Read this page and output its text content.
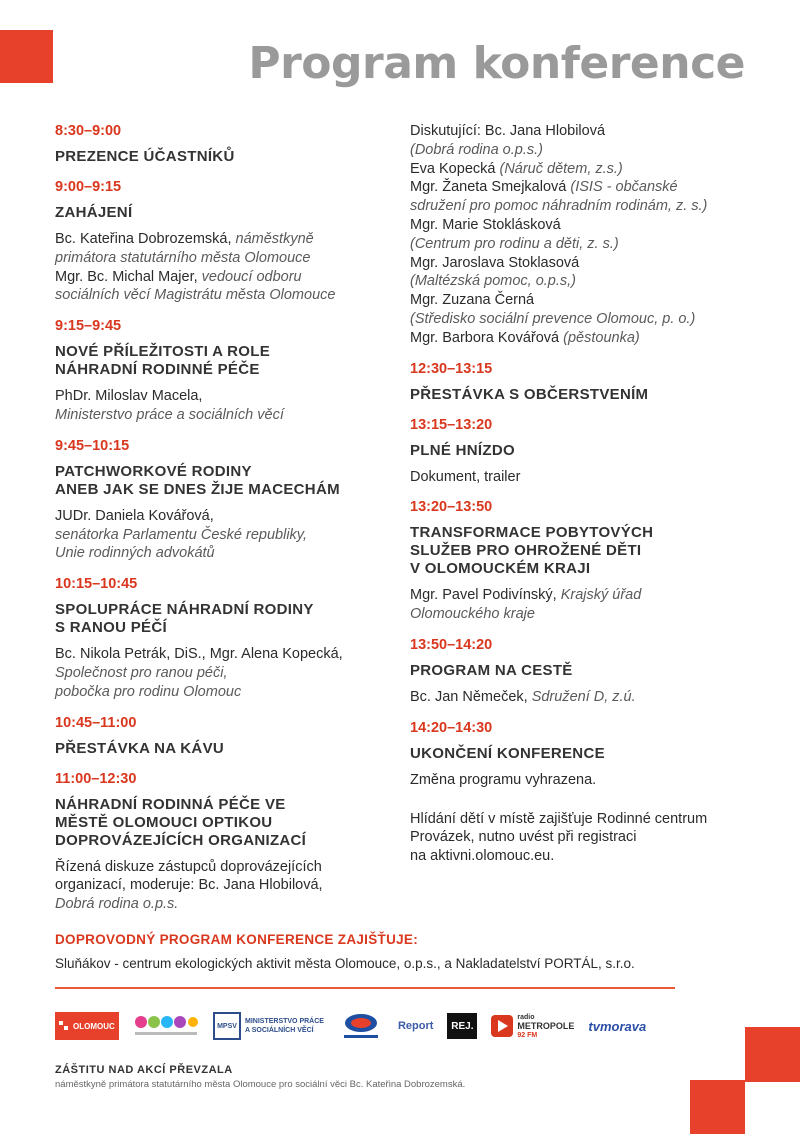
Program konference

8:30–9:00

PREZENCE ÚČASTNÍKŮ

9:00–9:15

ZAHÁJENÍ

Bc. Kateřina Dobrozemská, náměstkyně

primátora statutárního města Olomouce

Mgr. Bc. Michal Majer, vedoucí odboru

sociálních věcí Magistrátu města Olomouce

9:15–9:45

NOVÉ PŘÍLEŽITOSTI A ROLE

NÁHRADNÍ RODINNÉ PÉČE

PhDr. Miloslav Macela,

Ministerstvo práce a sociálních věcí

9:45–10:15

PATCHWORKOVÉ RODINY

ANEB JAK SE DNES ŽIJE MACECHÁM

JUDr. Daniela Kovářová,

senátorka Parlamentu České republiky,

Unie rodinných advokátů

10:15–10:45

SPOLUPRÁCE NÁHRADNÍ RODINY

S RANOU PÉČÍ

Bc. Nikola Petrák, DiS., Mgr. Alena Kopecká,

Společnost pro ranou péči,

pobočka pro rodinu Olomouc

10:45–11:00

PŘESTÁVKA NA KÁVU

11:00–12:30

NÁHRADNÍ RODINNÁ PÉČE VE

MĚSTĚ OLOMOUCI OPTIKOU

DOPROVÁZEJÍCÍCH ORGANIZACÍ

Řízená diskuze zástupců doprovázejících

organizací, moderuje: Bc. Jana Hlobilová,

Dobrá rodina o.p.s.

Diskutující: Bc. Jana Hlobilová

(Dobrá rodina o.p.s.)

Eva Kopecká (Náruč dětem, z.s.)

Mgr. Žaneta Smejkalová (ISIS - občanské

sdružení pro pomoc náhradním rodinám, z. s.)

Mgr. Marie Stoklásková

(Centrum pro rodinu a děti, z. s.)

Mgr. Jaroslava Stoklasová

(Maltézská pomoc, o.p.s,)

Mgr. Zuzana Černá

(Středisko sociální prevence Olomouc, p. o.)

Mgr. Barbora Kovářová (pěstounka)

12:30–13:15

PŘESTÁVKA S OBČERSTVENÍM

13:15–13:20

PLNÉ HNÍZDO

Dokument, trailer

13:20–13:50

TRANSFORMACE POBYTOVÝCH

SLUŽEB PRO OHROŽENÉ DĚTI

V OLOMOUCKÉM KRAJI

Mgr. Pavel Podivínský, Krajský úřad

Olomouckého kraje

13:50–14:20

PROGRAM NA CESTĚ

Bc. Jan Němeček, Sdružení D, z.ú.

14:20–14:30

UKONČENÍ KONFERENCE

Změna programu vyhrazena.

Hlídání dětí v místě zajišťuje Rodinné centrum

Provázek, nutno uvést při registraci

na aktivni.olomouc.eu.

DOPROVODNÝ PROGRAM KONFERENCE ZAJIŠŤUJE:
Sluňákov - centrum ekologických aktivit města Olomouce, o.p.s., a Nakladatelství PORTÁL, s.r.o.
OLOMOUC	MPSV
MINISTERSTVO PRÁCE
A SOCIÁLNÍCH VĚCÍ	Report REJ.
radio
METROPOLE
92 FM
tvmorava
ZÁŠTITU NAD AKCÍ PŘEVZALA
náměstkyně primátora statutárního města Olomouce pro sociální věci Bc. Kateřina Dobrozemská.
